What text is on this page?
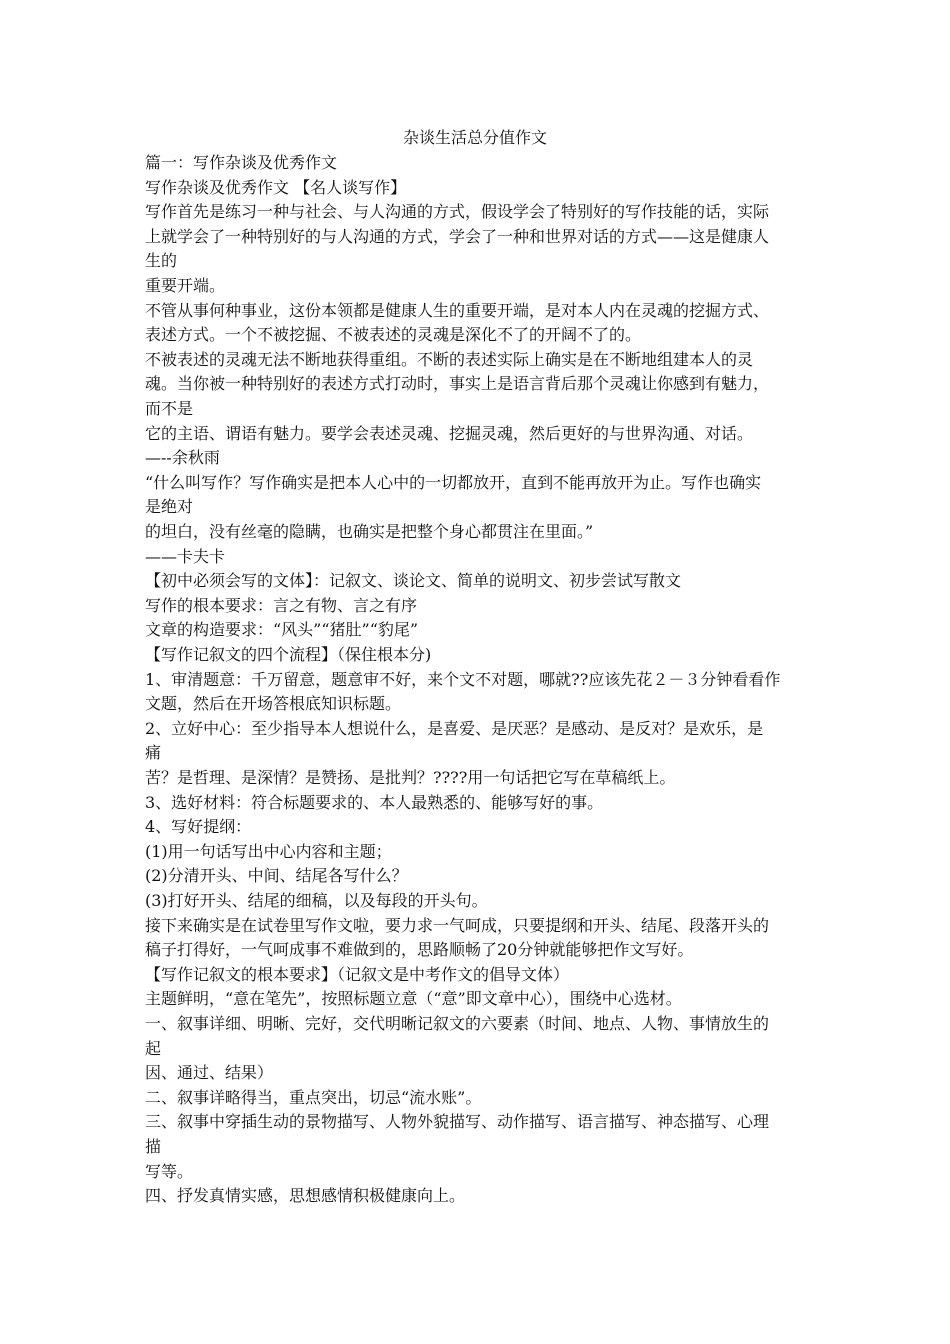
杂谈生活总分值作文
篇一：写作杂谈及优秀作文
写作杂谈及优秀作文 【名人谈写作】
写作首先是练习一种与社会、与人沟通的方式，假设学会了特别好的写作技能的话，实际
上就学会了一种特别好的与人沟通的方式，学会了一种和世界对话的方式——这是健康人
生的
重要开端。
不管从事何种事业，这份本领都是健康人生的重要开端，是对本人内在灵魂的挖掘方式、
表述方式。一个不被挖掘、不被表述的灵魂是深化不了的开阔不了的。
不被表述的灵魂无法不断地获得重组。不断的表述实际上确实是在不断地组建本人的灵
魂。当你被一种特别好的表述方式打动时，事实上是语言背后那个灵魂让你感到有魅力，
而不是
它的主语、谓语有魅力。要学会表述灵魂、挖掘灵魂，然后更好的与世界沟通、对话。
—--余秋雨
“什么叫写作？写作确实是把本人心中的一切都放开，直到不能再放开为止。写作也确实
是绝对
的坦白，没有丝毫的隐瞒，也确实是把整个身心都贯注在里面。”
——卡夫卡
【初中必须会写的文体】：记叙文、谈论文、简单的说明文、初步尝试写散文
写作的根本要求：言之有物、言之有序
文章的构造要求：“风头”“猪肚”“豹尾”
【写作记叙文的四个流程】（保住根本分)
1、审清题意：千万留意，题意审不好，来个文不对题，哪就??应该先花２－３分钟看看作
文题，然后在开场答根底知识标题。
2、立好中心：至少指导本人想说什么，是喜爱、是厌恶？是感动、是反对？是欢乐，是
痛
苦？是哲理、是深情？是赞扬、是批判？????用一句话把它写在草稿纸上。
3、选好材料：符合标题要求的、本人最熟悉的、能够写好的事。
4、写好提纲：
(1)用一句话写出中心内容和主题；
(2)分清开头、中间、结尾各写什么？
(3)打好开头、结尾的细稿，以及每段的开头句。
接下来确实是在试卷里写作文啦，要力求一气呵成，只要提纲和开头、结尾、段落开头的
稿子打得好，一气呵成事不难做到的，思路顺畅了20分钟就能够把作文写好。
【写作记叙文的根本要求】（记叙文是中考作文的倡导文体）
主题鲜明，“意在笔先”，按照标题立意（“意”即文章中心），围绕中心选材。
一、叙事详细、明晰、完好，交代明晰记叙文的六要素（时间、地点、人物、事情放生的
起
因、通过、结果）
二、叙事详略得当，重点突出，切忌“流水账”。
三、叙事中穿插生动的景物描写、人物外貌描写、动作描写、语言描写、神态描写、心理
描
写等。
四、抒发真情实感，思想感情积极健康向上。
